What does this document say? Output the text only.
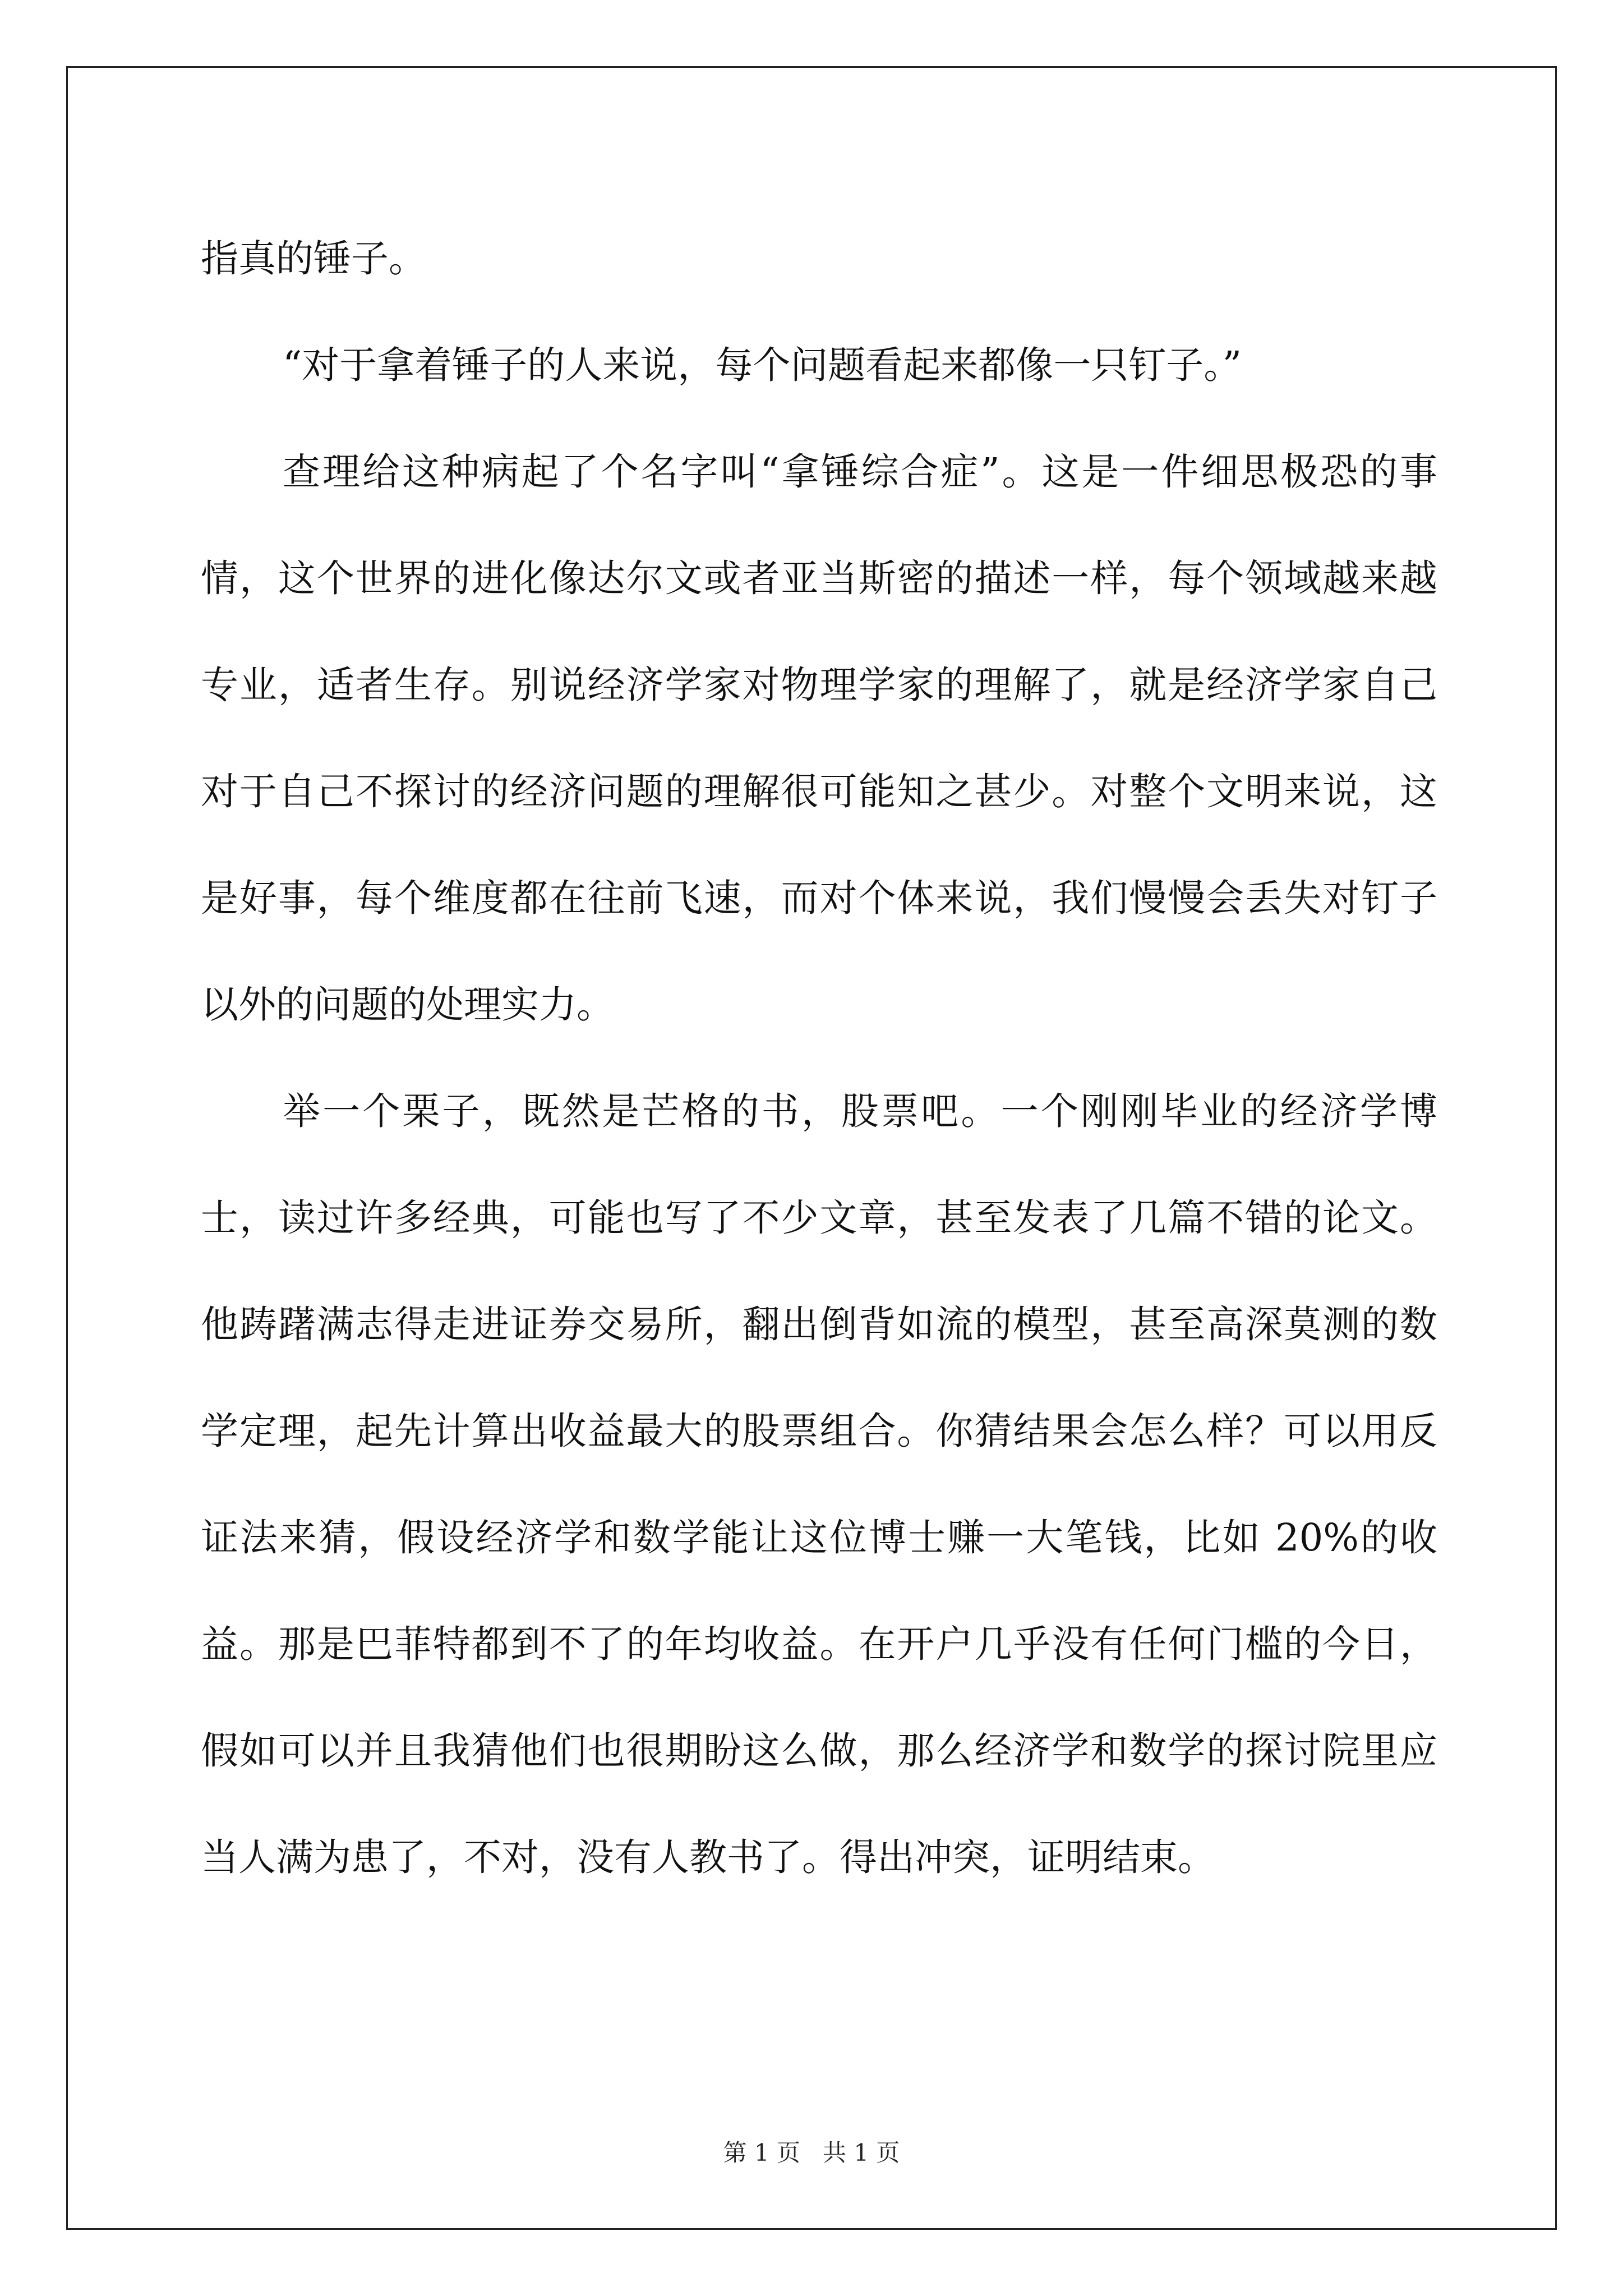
指真的锤子。

“对于拿着锤子的人来说，每个问题看起来都像一只钉子。”

查理给这种病起了个名字叫“拿锤综合症”。这是一件细思极恐的事情，这个世界的进化像达尔文或者亚当斯密的描述一样，每个领域越来越专业，适者生存。别说经济学家对物理学家的理解了，就是经济学家自己对于自己不探讨的经济问题的理解很可能知之甚少。对整个文明来说，这是好事，每个维度都在往前飞速，而对个体来说，我们慢慢会丢失对钉子以外的问题的处理实力。

举一个栗子，既然是芒格的书，股票吧。一个刚刚毕业的经济学博士，读过许多经典，可能也写了不少文章，甚至发表了几篇不错的论文。他踌躇满志得走进证券交易所，翻出倒背如流的模型，甚至高深莫测的数学定理，起先计算出收益最大的股票组合。你猜结果会怎么样？可以用反证法来猜，假设经济学和数学能让这位博士赚一大笔钱，比如 20%的收益。那是巴菲特都到不了的年均收益。在开户几乎没有任何门槛的今日，假如可以并且我猜他们也很期盼这么做，那么经济学和数学的探讨院里应当人满为患了，不对，没有人教书了。得出冲突，证明结束。

第 1 页 共 1 页
